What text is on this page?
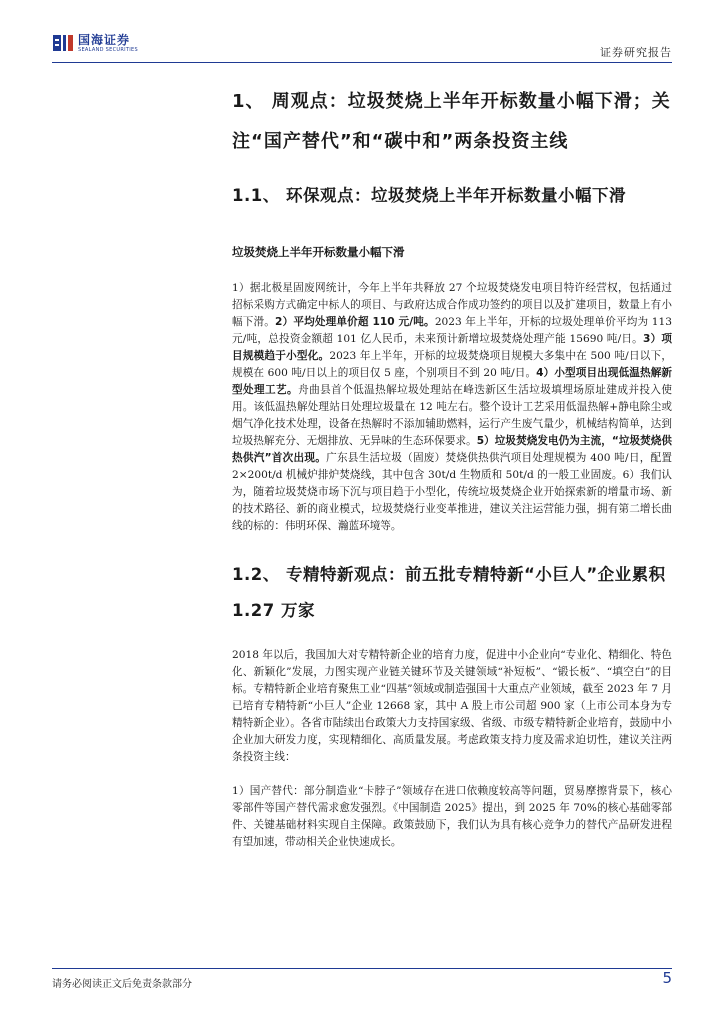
国海证券
SEALAND SECURITIES	证券研究报告
1、 周观点：垃圾焚烧上半年开标数量小幅下滑；关注“国产替代”和“碳中和”两条投资主线
1.1、 环保观点：垃圾焚烧上半年开标数量小幅下滑
垃圾焚烧上半年开标数量小幅下滑

1）据北极星固废网统计，今年上半年共释放 27 个垃圾焚烧发电项目特许经营权，包括通过招标采购方式确定中标人的项目、与政府达成合作成功签约的项目以及扩建项目，数量上有小幅下滑。2）平均处理单价超 110 元/吨。2023 年上半年，开标的垃圾处理单价平均为 113 元/吨，总投资金额超 101 亿人民币，未来预计新增垃圾焚烧处理产能 15690 吨/日。3）项目规模趋于小型化。2023 年上半年，开标的垃圾焚烧项目规模大多集中在 500 吨/日以下，规模在 600 吨/日以上的项目仅 5 座，个别项目不到 20 吨/日。4）小型项目出现低温热解新型处理工艺。舟曲县首个低温热解垃圾处理站在峰迭新区生活垃圾填埋场原址建成并投入使用。该低温热解处理站日处理垃圾量在 12 吨左右。整个设计工艺采用低温热解+静电除尘或烟气净化技术处理，设备在热解时不添加辅助燃料，运行产生废气量少，机械结构简单，达到垃圾热解充分、无烟排放、无异味的生态环保要求。5）垃圾焚烧发电仍为主流，“垃圾焚烧供热供汽”首次出现。广东县生活垃圾（固废）焚烧供热供汽项目处理规模为 400 吨/日，配置 2×200t/d 机械炉排炉焚烧线，其中包含 30t/d 生物质和 50t/d 的一般工业固废。6）我们认为，随着垃圾焚烧市场下沉与项目趋于小型化，传统垃圾焚烧企业开始探索新的增量市场、新的技术路径、新的商业模式，垃圾焚烧行业变革推进，建议关注运营能力强，拥有第二增长曲线的标的：伟明环保、瀚蓝环境等。

1.2、 专精特新观点：前五批专精特新“小巨人”企业累积 1.27 万家

2018 年以后，我国加大对专精特新企业的培育力度，促进中小企业向“专业化、精细化、特色化、新颖化”发展，力图实现产业链关键环节及关键领域“补短板”、“锻长板”、“填空白”的目标。专精特新企业培育聚焦工业“四基”领域或制造强国十大重点产业领域，截至 2023 年 7 月已培育专精特新“小巨人”企业 12668 家，其中 A 股上市公司超 900 家（上市公司本身为专精特新企业）。各省市陆续出台政策大力支持国家级、省级、市级专精特新企业培育，鼓励中小企业加大研发力度，实现精细化、高质量发展。考虑政策支持力度及需求迫切性，建议关注两条投资主线：

1）国产替代：部分制造业“卡脖子”领域存在进口依赖度较高等问题，贸易摩擦背景下，核心零部件等国产替代需求愈发强烈。《中国制造 2025》提出，到 2025 年 70%的核心基础零部件、关键基础材料实现自主保障。政策鼓励下，我们认为具有核心竞争力的替代产品研发进程有望加速，带动相关企业快速成长。

请务必阅读正文后免责条款部分	5
